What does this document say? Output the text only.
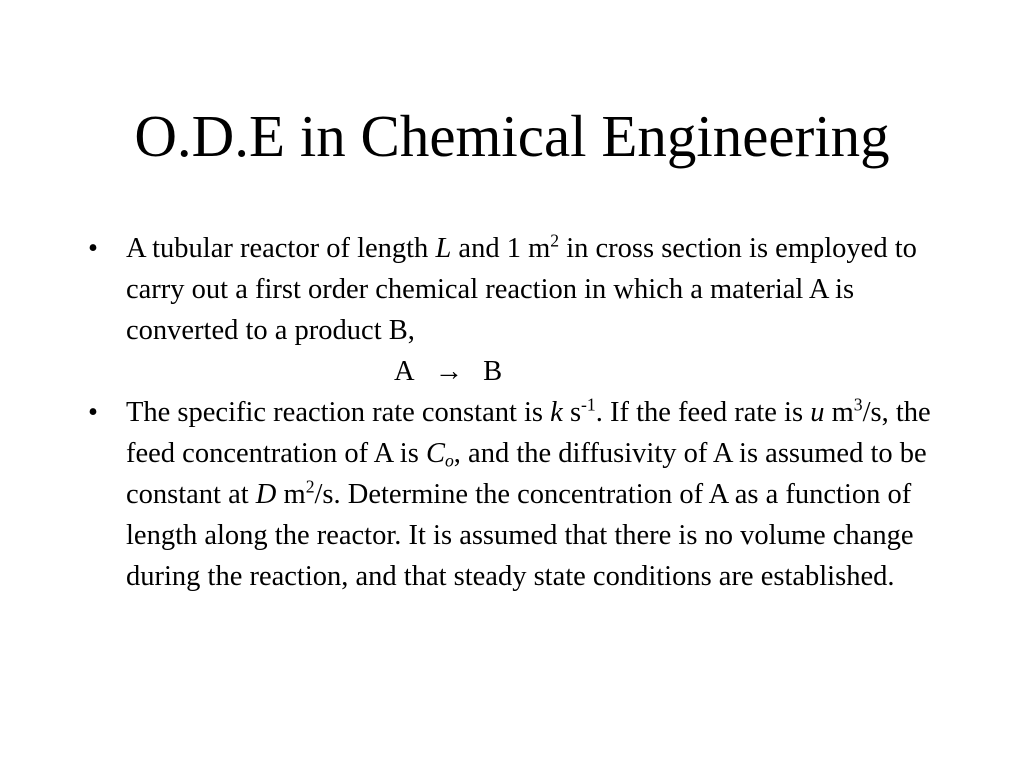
O.D.E in Chemical Engineering
• A tubular reactor of length L and 1 $m^2$ in cross section is employed to carry out a first order chemical reaction in which a material A is converted to a product B,
A → B
• The specific reaction rate constant is k $s^{-1}$. If the feed rate is u $m^3/s$, the feed concentration of A is $C_o$, and the diffusivity of A is assumed to be constant at D $m^2/s$. Determine the concentration of A as a function of length along the reactor. It is assumed that there is no volume change during the reaction, and that steady state conditions are established.
